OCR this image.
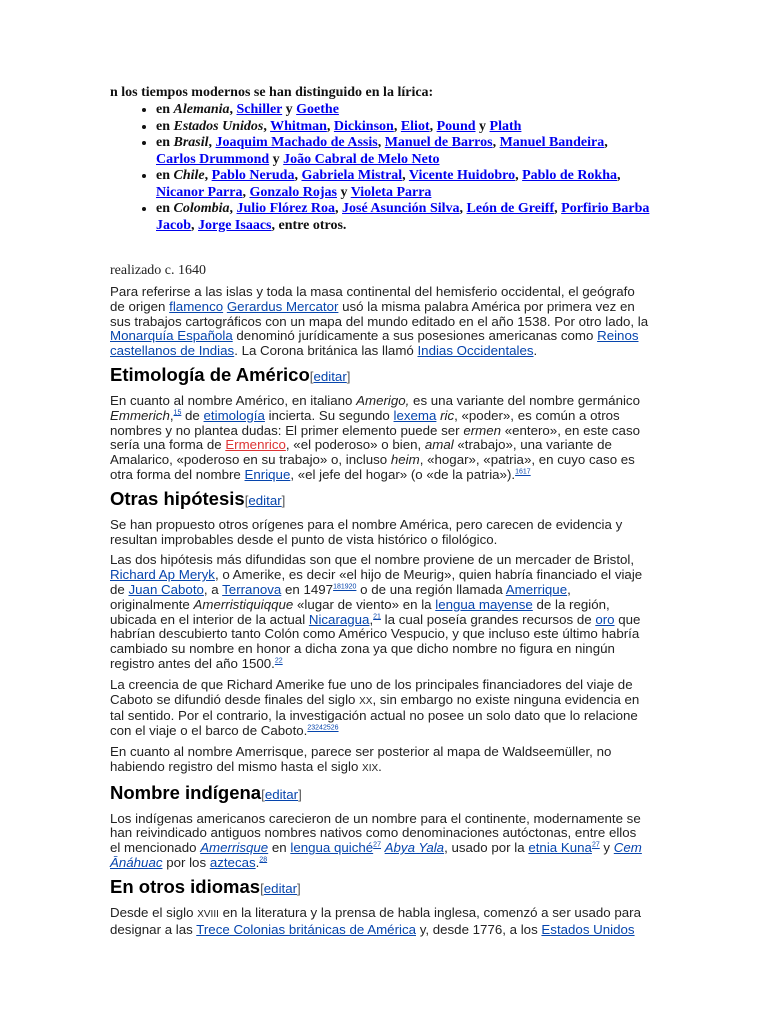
n los tiempos modernos se han distinguido en la lírica:

• en Alemania, Schiller y Goethe
• en Estados Unidos, Whitman, Dickinson, Eliot, Pound y Plath
• en Brasil, Joaquim Machado de Assis, Manuel de Barros, Manuel Bandeira, Carlos Drummond y João Cabral de Melo Neto
• en Chile, Pablo Neruda, Gabriela Mistral, Vicente Huidobro, Pablo de Rokha, Nicanor Parra, Gonzalo Rojas y Violeta Parra
• en Colombia, Julio Flórez Roa, José Asunción Silva, León de Greiff, Porfirio Barba Jacob, Jorge Isaacs, entre otros.

realizado c. 1640

Para referirse a las islas y toda la masa continental del hemisferio occidental, el geógrafo de origen flamenco Gerardus Mercator usó la misma palabra América por primera vez en sus trabajos cartográficos con un mapa del mundo editado en el año 1538. Por otro lado, la Monarquía Española denominó jurídicamente a sus posesiones americanas como Reinos castellanos de Indias. La Corona británica las llamó Indias Occidentales.

Etimología de Américo[editar]

En cuanto al nombre Américo, en italiano Amerigo, es una variante del nombre germánico Emmerich,$^{15}$ de etimología incierta. Su segundo lexema ric, «poder», es común a otros nombres y no plantea dudas: El primer elemento puede ser ermen «entero», en este caso sería una forma de Ermenrico, «el poderoso» o bien, amal «trabajo», una variante de Amalarico, «poderoso en su trabajo» o, incluso heim, «hogar», «patria», en cuyo caso es otra forma del nombre Enrique, «el jefe del hogar» (o «de la patria»).$^{1617}$

Otras hipótesis[editar]

Se han propuesto otros orígenes para el nombre América, pero carecen de evidencia y resultan improbables desde el punto de vista histórico o filológico.

Las dos hipótesis más difundidas son que el nombre proviene de un mercader de Bristol, Richard Ap Meryk, o Amerike, es decir «el hijo de Meurig», quien habría financiado el viaje de Juan Caboto, a Terranova en 1497$^{181920}$ o de una región llamada Amerrique, originalmente Amerristiquiqque «lugar de viento» en la lengua mayense de la región, ubicada en el interior de la actual Nicaragua,$^{21}$ la cual poseía grandes recursos de oro que habrían descubierto tanto Colón como Américo Vespucio, y que incluso este último habría cambiado su nombre en honor a dicha zona ya que dicho nombre no figura en ningún registro antes del año 1500.22

La creencia de que Richard Amerike fue uno de los principales financiadores del viaje de Caboto se difundió desde finales del siglo XX, sin embargo no existe ninguna evidencia en tal sentido. Por el contrario, la investigación actual no posee un solo dato que lo relacione con el viaje o el barco de Caboto.$^{23242526}$

En cuanto al nombre Amerrisque, parece ser posterior al mapa de Waldseemüller, no habiendo registro del mismo hasta el siglo XIX.

Nombre indígena[editar]

Los indígenas americanos carecieron de un nombre para el continente, modernamente se han reivindicado antiguos nombres nativos como denominaciones autóctonas, entre ellos el mencionado Amerrisque en lengua quiché$^{27}$ Abya Yala, usado por la etnia Kuna$^{27}$ y Cem Ānáhuac por los aztecas.$^{28}$

En otros idiomas[editar]

Desde el siglo XVIII en la literatura y la prensa de habla inglesa, comenzó a ser usado para designar a las Trece Colonias británicas de América y, desde 1776, a los Estados Unidos
